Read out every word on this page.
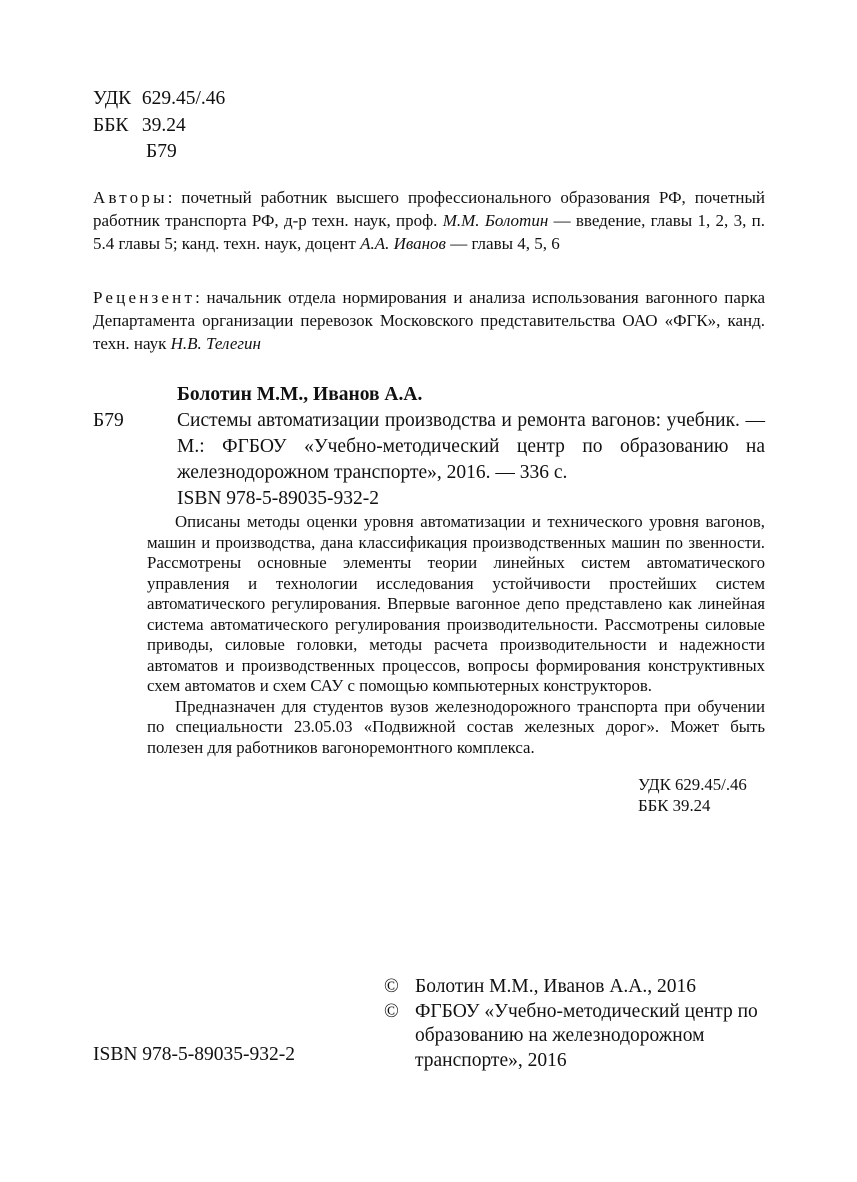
УДК 629.45/.46
ББК 39.24
Б79
Авторы: почетный работник высшего профессионального образования РФ, почетный работник транспорта РФ, д-р техн. наук, проф. М.М. Болотин — введение, главы 1, 2, 3, п. 5.4 главы 5; канд. техн. наук, доцент А.А. Иванов — главы 4, 5, 6
Рецензент: начальник отдела нормирования и анализа использования вагонного парка Департамента организации перевозок Московского представительства ОАО «ФГК», канд. техн. наук Н.В. Телегин
Болотин М.М., Иванов А.А.
Б79	Системы автоматизации производства и ремонта вагонов: учебник. — М.: ФГБОУ «Учебно-методический центр по образованию на железнодорожном транспорте», 2016. — 336 с.
ISBN 978-5-89035-932-2

Описаны методы оценки уровня автоматизации и технического уровня вагонов, машин и производства, дана классификация производственных машин по звенности. Рассмотрены основные элементы теории линейных систем автоматического управления и технологии исследования устойчивости простейших систем автоматического регулирования. Впервые вагонное депо представлено как линейная система автоматического регулирования производительности. Рассмотрены силовые приводы, силовые головки, методы расчета производительности и надежности автоматов и производственных процессов, вопросы формирования конструктивных схем автоматов и схем САУ с помощью компьютерных конструкторов.

Предназначен для студентов вузов железнодорожного транспорта при обучении по специальности 23.05.03 «Подвижной состав железных дорог». Может быть полезен для работников вагоноремонтного комплекса.

УДК 629.45/.46
ББК 39.24
© Болотин М.М., Иванов А.А., 2016
© ФГБОУ «Учебно-методический центр по образованию на железнодорожном транспорте», 2016
ISBN 978-5-89035-932-2
